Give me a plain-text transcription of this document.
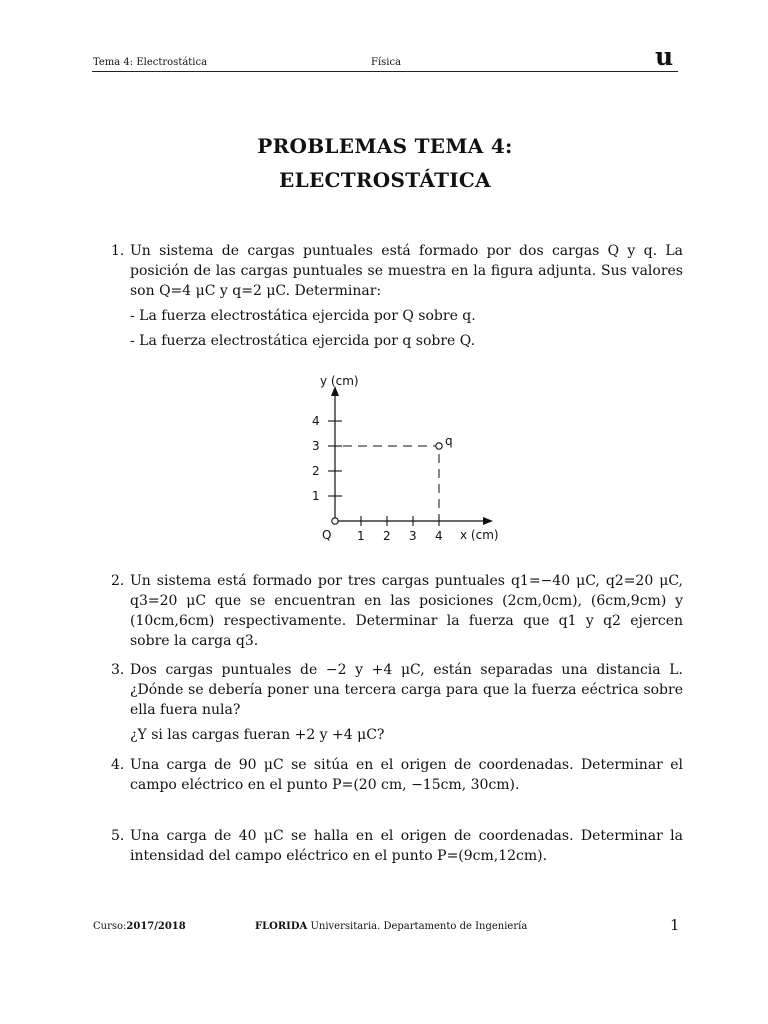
Tema 4: Electrostática	Física	u
PROBLEMAS TEMA 4:
ELECTROSTÁTICA
1. Un sistema de cargas puntuales está formado por dos cargas Q y q. La posición de las cargas puntuales se muestra en la figura adjunta. Sus valores son Q=4 μC y q=2 μC. Determinar:
- La fuerza electrostática ejercida por Q sobre q.
- La fuerza electrostática ejercida por q sobre Q.
1 2 3 4
1
2
3
4
y (cm)
x (cm)
Q
q
2. Un sistema está formado por tres cargas puntuales q1=−40 μC, q2=20 μC, q3=20 μC que se encuentran en las posiciones (2cm,0cm), (6cm,9cm) y (10cm,6cm) respectivamente. Determinar la fuerza que q1 y q2 ejercen sobre la carga q3.
3. Dos cargas puntuales de −2 y +4 μC, están separadas una distancia L. ¿Dónde se debería poner una tercera carga para que la fuerza eéctrica sobre ella fuera nula?
¿Y si las cargas fueran +2 y +4 μC?
4. Una carga de 90 μC se sitúa en el origen de coordenadas. Determinar el campo eléctrico en el punto P=(20 cm, −15cm, 30cm).
5. Una carga de 40 μC se halla en el origen de coordenadas. Determinar la intensidad del campo eléctrico en el punto P=(9cm,12cm).
Curso:2017/2018	FLORIDA Universitaria. Departamento de Ingeniería	1
